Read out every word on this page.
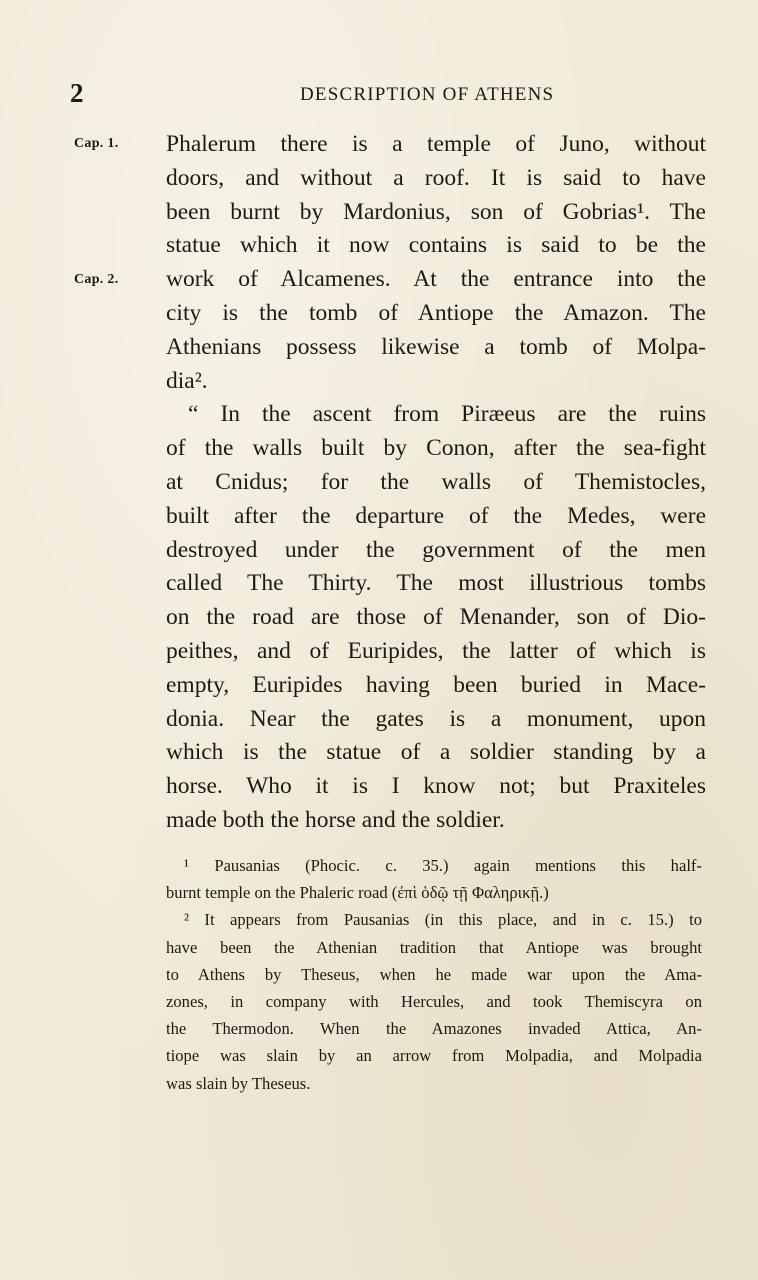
2	DESCRIPTION OF ATHENS
Cap. 1.
Cap. 2.
Phalerum there is a temple of Juno, without
doors, and without a roof. It is said to have
been burnt by Mardonius, son of Gobrias¹. The
statue which it now contains is said to be the
work of Alcamenes. At the entrance into the
city is the tomb of Antiope the Amazon. The
Athenians possess likewise a tomb of Molpa-
dia².
“ In the ascent from Piræeus are the ruins
of the walls built by Conon, after the sea-fight
at Cnidus; for the walls of Themistocles,
built after the departure of the Medes, were
destroyed under the government of the men
called The Thirty. The most illustrious tombs
on the road are those of Menander, son of Dio-
peithes, and of Euripides, the latter of which is
empty, Euripides having been buried in Mace-
donia. Near the gates is a monument, upon
which is the statue of a soldier standing by a
horse. Who it is I know not; but Praxiteles
made both the horse and the soldier.
¹ Pausanias (Phocic. c. 35.) again mentions this half-
burnt temple on the Phaleric road (ἐπὶ ὁδῷ τῇ Φαληρικῇ.)
² It appears from Pausanias (in this place, and in c. 15.) to
have been the Athenian tradition that Antiope was brought
to Athens by Theseus, when he made war upon the Ama-
zones, in company with Hercules, and took Themiscyra on
the Thermodon. When the Amazones invaded Attica, An-
tiope was slain by an arrow from Molpadia, and Molpadia
was slain by Theseus.
